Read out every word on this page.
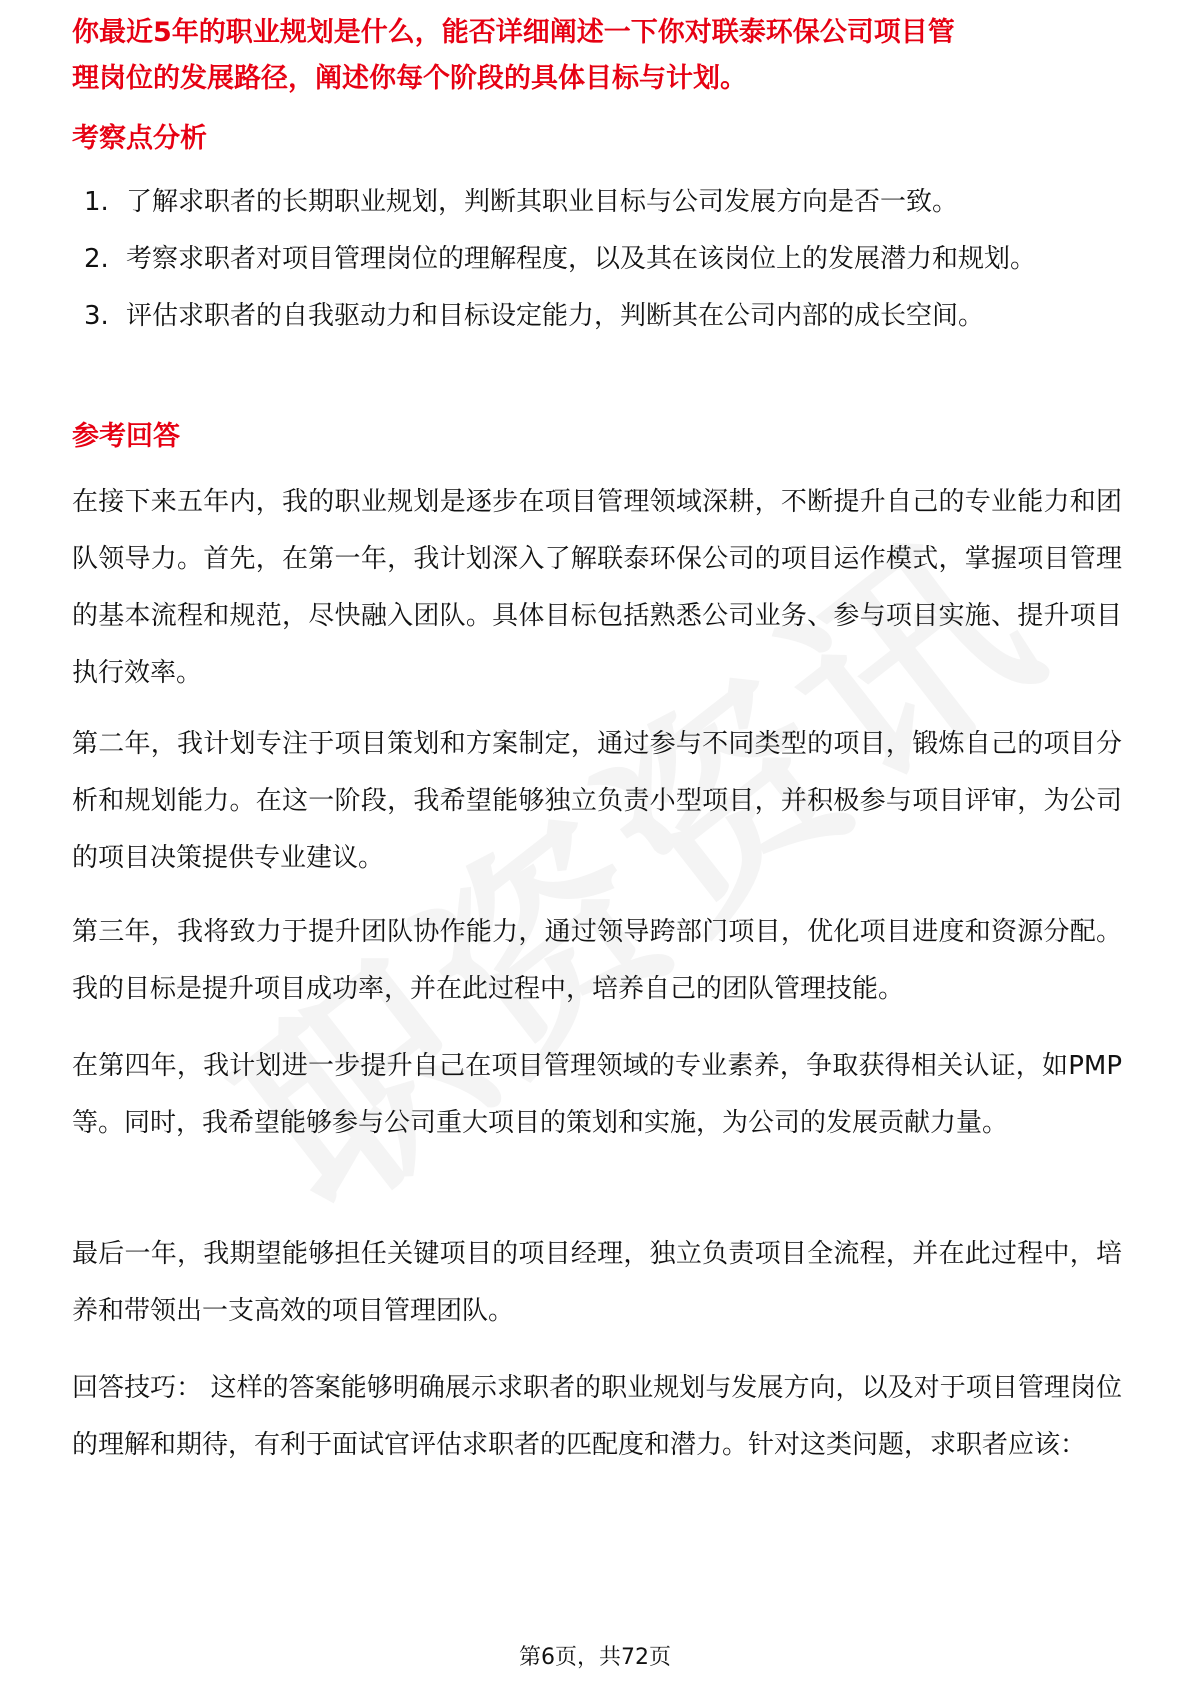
你最近5年的职业规划是什么，能否详细阐述一下你对联泰环保公司项目管
理岗位的发展路径，阐述你每个阶段的具体目标与计划。
考察点分析
1. 了解求职者的长期职业规划，判断其职业目标与公司发展方向是否一致。
2. 考察求职者对项目管理岗位的理解程度，以及其在该岗位上的发展潜力和规划。
3. 评估求职者的自我驱动力和目标设定能力，判断其在公司内部的成长空间。
参考回答

在接下来五年内，我的职业规划是逐步在项目管理领域深耕，不断提升自己的专业能力和团队领导力。首先，在第一年，我计划深入了解联泰环保公司的项目运作模式，掌握项目管理的基本流程和规范，尽快融入团队。具体目标包括熟悉公司业务、参与项目实施、提升项目执行效率。

第二年，我计划专注于项目策划和方案制定，通过参与不同类型的项目，锻炼自己的项目分析和规划能力。在这一阶段，我希望能够独立负责小型项目，并积极参与项目评审，为公司的项目决策提供专业建议。

第三年，我将致力于提升团队协作能力，通过领导跨部门项目，优化项目进度和资源分配。我的目标是提升项目成功率，并在此过程中，培养自己的团队管理技能。

在第四年，我计划进一步提升自己在项目管理领域的专业素养，争取获得相关认证，如PMP等。同时，我希望能够参与公司重大项目的策划和实施，为公司的发展贡献力量。

最后一年，我期望能够担任关键项目的项目经理，独立负责项目全流程，并在此过程中，培养和带领出一支高效的项目管理团队。

回答技巧： 这样的答案能够明确展示求职者的职业规划与发展方向，以及对于项目管理岗位的理解和期待，有利于面试官评估求职者的匹配度和潜力。针对这类问题，求职者应该：

第6页，共72页
